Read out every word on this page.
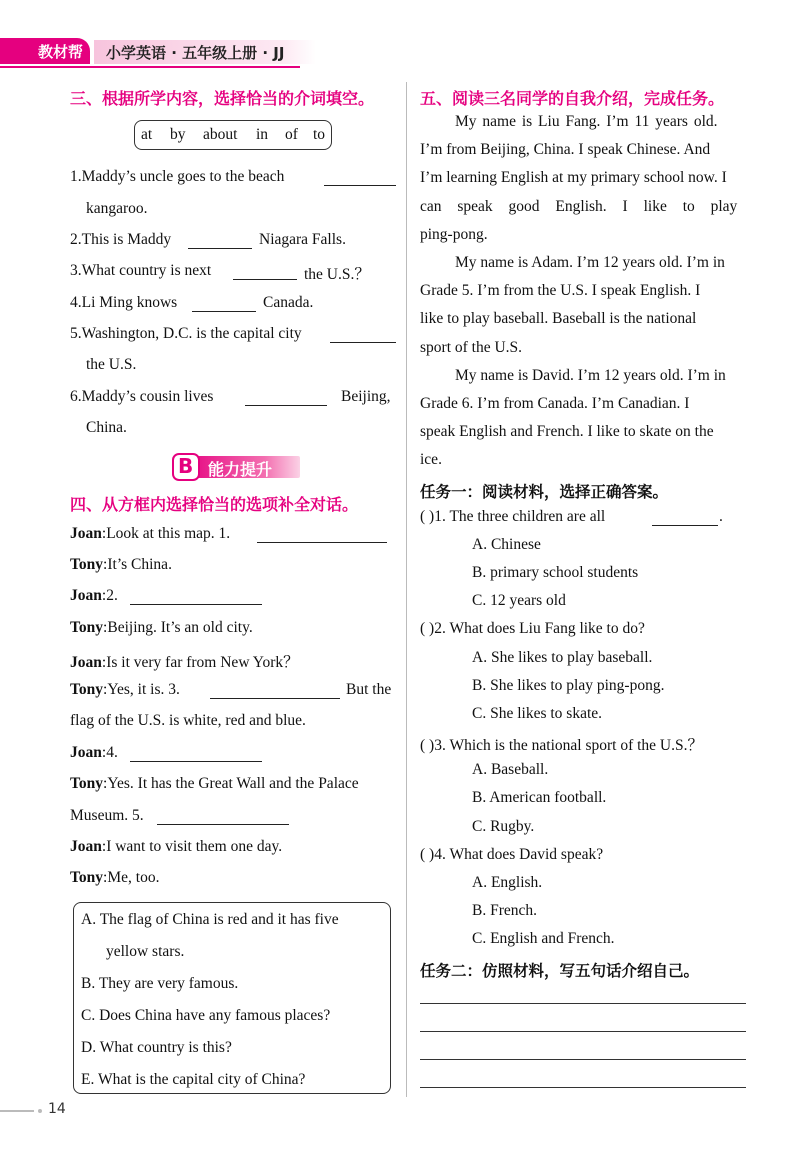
教材帮 小学英语 · 五年级上册 · JJ
三、根据所学内容，选择恰当的介词填空。
at by about in of to
1.Maddy’s uncle goes to the beach
kangaroo.
2.This is Maddy	Niagara Falls.
3.What country is next	the U.S.？
4.Li Ming knows	Canada.
5.Washington, D.C. is the capital city
the U.S.
6.Maddy’s cousin lives	Beijing,
China.
B 能力提升
四、从方框内选择恰当的选项补全对话。
Joan:Look at this map. 1.
Tony:It’s China.
Joan:2.
Tony:Beijing. It’s an old city.
Joan:Is it very far from New York？
Tony:Yes, it is. 3.	But the
flag of the U.S. is white, red and blue.
Joan:4.
Tony:Yes. It has the Great Wall and the Palace
Museum. 5.
Joan:I want to visit them one day.
Tony:Me, too.
A. The flag of China is red and it has five
yellow stars.
B. They are very famous.
C. Does China have any famous places?
D. What country is this?
E. What is the capital city of China?
14
五、阅读三名同学的自我介绍，完成任务。
My name is Liu Fang. I’m 11 years old.
I’m from Beijing, China. I speak Chinese. And
I’m learning English at my primary school now. I
can speak good English. I like to play
ping-pong.
My name is Adam. I’m 12 years old. I’m in
Grade 5. I’m from the U.S. I speak English. I
like to play baseball. Baseball is the national
sport of the U.S.
My name is David. I’m 12 years old. I’m in
Grade 6. I’m from Canada. I’m Canadian. I
speak English and French. I like to skate on the
ice.
任务一：阅读材料，选择正确答案。
( )1. The three children are all	.
A. Chinese
B. primary school students
C. 12 years old
( )2. What does Liu Fang like to do?
A. She likes to play baseball.
B. She likes to play ping-pong.
C. She likes to skate.
( )3. Which is the national sport of the U.S.？
A. Baseball.
B. American football.
C. Rugby.
( )4. What does David speak?
A. English.
B. French.
C. English and French.
任务二：仿照材料，写五句话介绍自己。
